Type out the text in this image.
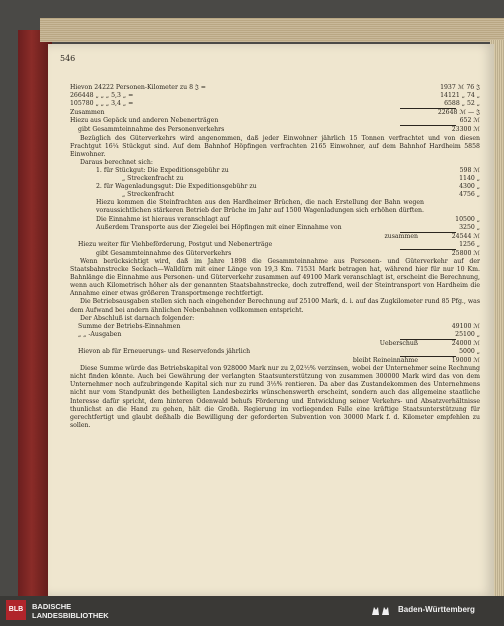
546
Hievon 24222 Personen-Kilometer zu 8 𝔍 =	1937 ℳ 76 𝔍
266448 „ „ „ 5,3 „ =	14121 „ 74 „
105780 „ „ „ 3,4 „ =	6588 „ 52 „
Zusammen	22648 ℳ — 𝔍
Hiezu aus Gepäck und anderen Nebenerträgen	652 ℳ
gibt Gesammteinnahme des Personenverkehrs	23300 ℳ

Bezüglich des Güterverkehrs wird angenommen, daß jeder Einwohner jährlich 15 Tonnen verfrachtet und von diesen Frachtgut 16¼ Stückgut sind. Auf dem Bahnhof Höpfingen verfrachten 2165 Einwohner, auf dem Bahnhof Hardheim 5858 Einwohner.

Daraus berechnet sich:

1. für Stückgut: Die Expeditionsgebühr zu	598 ℳ
„ Streckenfracht zu	1140 „
2. für Wagenladungsgut: Die Expeditionsgebühr zu	4300 „
„ Streckenfracht	4756 „

Hiezu kommen die Steinfrachten aus den Hardheimer Brüchen, die nach Erstellung der Bahn wegen voraussichtlichen stärkeren Betrieb der Brüche im Jahr auf 1500 Wagenladungen sich erhöhen dürften. Die Einnahme ist hieraus veranschlagt auf	10500 „
Außerdem Transporte aus der Ziegelei bei Höpfingen mit einer Einnahme von	3250 „
zusammen	24544 ℳ
Hiezu weiter für Viehbeförderung, Postgut und Nebenerträge	1256 „
gibt Gesammteinnahme des Güterverkehrs	25800 ℳ

Wenn berücksichtigt wird, daß im Jahre 1898 die Gesammteinnahme aus Personen- und Güterverkehr auf der Staatsbahnstrecke Seckach—Walldürn mit einer Länge von 19,3 Km. 71531 Mark betragen hat, während hier für nur 10 Km. Bahnlänge die Einnahme aus Personen- und Güterverkehr zusammen auf 49100 Mark veranschlagt ist, erscheint die Berechnung, wenn auch Kilometrisch höher als der genannten Staatsbahnstrecke, doch zutreffend, weil der Steintransport von Hardheim die Annahme einer etwas größeren Transportmenge rechtfertigt.

Die Betriebsausgaben stellen sich nach eingehender Berechnung auf 25100 Mark, d. i. auf das Zugkilometer rund 85 Pfg., was dem Aufwand bei andern ähnlichen Nebenbahnen vollkommen entspricht.

Der Abschluß ist darnach folgender:

Summe der Betriebs-Einnahmen	49100 ℳ
„ „ -Ausgaben	25100 „
Ueberschuß	24000 ℳ
Hievon ab für Erneuerungs- und Reservefonds jährlich	5000 „
bleibt Reineinnahme	19000 ℳ

Diese Summe würde das Betriebskapital von 928000 Mark nur zu 2,02½% verzinsen, wobei der Unternehmer seine Rechnung nicht finden könnte. Auch bei Gewährung der verlangten Staatsunterstützung von zusammen 300000 Mark wird das von dem Unternehmer noch aufzubringende Kapital sich nur zu rund 3⅓% rentieren. Da aber das Zustandekommen des Unternehmens nicht nur vom Standpunkt des betheiligten Landesbezirks wünschenswerth erscheint, sondern auch das allgemeine staatliche Interesse dafür spricht, dem hinteren Odenwald behufs Förderung und Entwicklung seiner Verkehrs- und Absatzverhältnisse thunlichst an die Hand zu gehen, hält die Großh. Regierung im vorliegenden Falle eine kräftige Staatsunterstützung für gerechtfertigt und glaubt deßhalb die Bewilligung der geforderten Subvention von 30000 Mark f. d. Kilometer empfehlen zu sollen.

BLB	BADISCHE
LANDESBIBLIOTHEK
Baden-Württemberg
